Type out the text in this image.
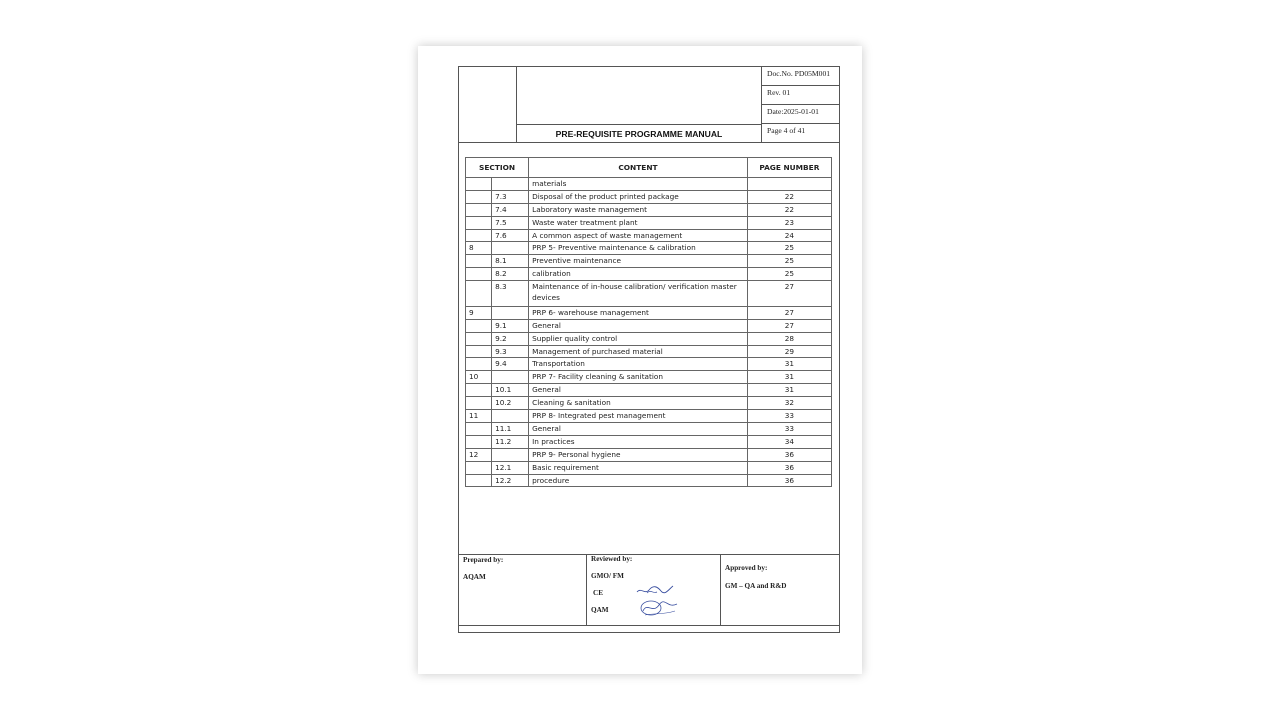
PRE-REQUISITE PROGRAMME MANUAL
Doc.No. PD05M001
Rev. 01
Date:2025-01-01
Page 4 of 41
SECTION		CONTENT	PAGE NUMBER
		materials	
	7.3	Disposal of the product printed package	22
	7.4	Laboratory waste management	22
	7.5	Waste water treatment plant	23
	7.6	A common aspect of waste management	24
8		PRP 5- Preventive maintenance & calibration	25
	8.1	Preventive maintenance	25
	8.2	calibration	25
	8.3	Maintenance of in-house calibration/ verification master devices	27
9		PRP 6- warehouse management	27
	9.1	General	27
	9.2	Supplier quality control	28
	9.3	Management of purchased material	29
	9.4	Transportation	31
10		PRP 7- Facility cleaning & sanitation	31
	10.1	General	31
	10.2	Cleaning & sanitation	32
11		PRP 8- Integrated pest management	33
	11.1	General	33
	11.2	In practices	34
12		PRP 9- Personal hygiene	36
	12.1	Basic requirement	36
	12.2	procedure	36
Prepared by:
AQAM
Reviewed by:
GMO/ FM
CE
QAM
Approved by:
GM – QA and R&D
